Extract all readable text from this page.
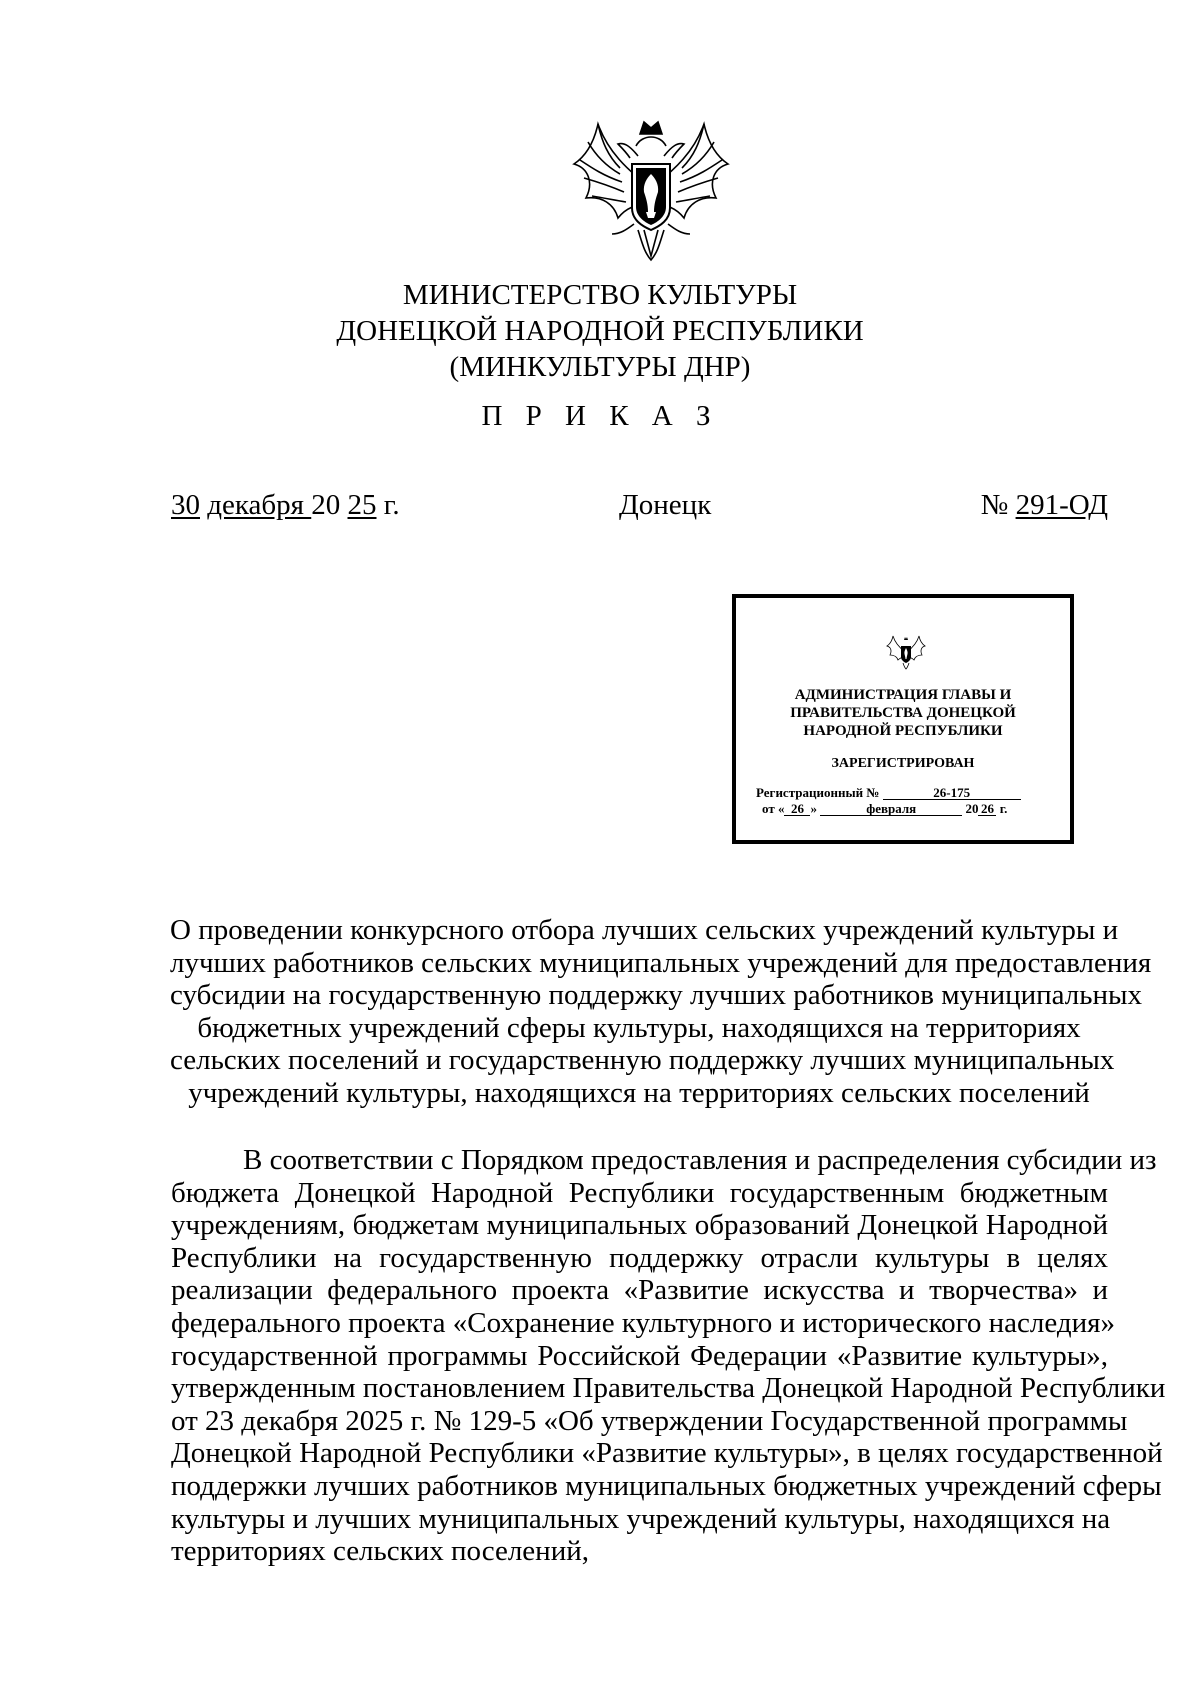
МИНИСТЕРСТВО КУЛЬТУРЫ
ДОНЕЦКОЙ НАРОДНОЙ РЕСПУБЛИКИ
(МИНКУЛЬТУРЫ ДНР)
П Р И К А З
30 декабря 20 25 г.	Донецк	№ 291-ОД
АДМИНИСТРАЦИЯ ГЛАВЫ И
ПРАВИТЕЛЬСТВА ДОНЕЦКОЙ
НАРОДНОЙ РЕСПУБЛИКИ
ЗАРЕГИСТРИРОВАН
Регистрационный №	26-175
от « 26 »	февраля	20 26 г.
О проведении конкурсного отбора лучших сельских учреждений культуры и
лучших работников сельских муниципальных учреждений для предоставления
субсидии на государственную поддержку лучших работников муниципальных
бюджетных учреждений сферы культуры, находящихся на территориях
сельских поселений и государственную поддержку лучших муниципальных
учреждений культуры, находящихся на территориях сельских поселений
В соответствии с Порядком предоставления и распределения субсидии из
бюджета Донецкой Народной Республики государственным бюджетным
учреждениям, бюджетам муниципальных образований Донецкой Народной
Республики на государственную поддержку отрасли культуры в целях
реализации федерального проекта «Развитие искусства и творчества» и
федерального проекта «Сохранение культурного и исторического наследия»
государственной программы Российской Федерации «Развитие культуры»,
утвержденным постановлением Правительства Донецкой Народной Республики
от 23 декабря 2025 г. № 129-5 «Об утверждении Государственной программы
Донецкой Народной Республики «Развитие культуры», в целях государственной
поддержки лучших работников муниципальных бюджетных учреждений сферы
культуры и лучших муниципальных учреждений культуры, находящихся на
территориях сельских поселений,
